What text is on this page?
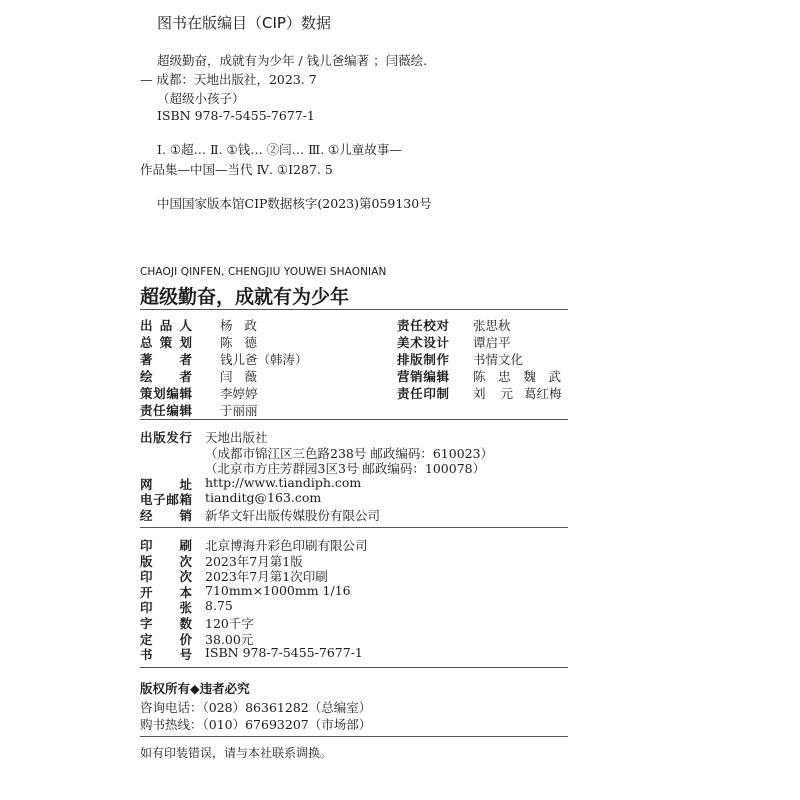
图书在版编目（CIP）数据
超级勤奋，成就有为少年 / 钱儿爸编著 ；闫薇绘.
— 成都：天地出版社，2023. 7
（超级小孩子）
ISBN 978-7-5455-7677-1
Ⅰ. ①超… Ⅱ. ①钱… ②闫… Ⅲ. ①儿童故事—
作品集—中国—当代 Ⅳ. ①I287. 5
中国国家版本馆CIP数据核字(2023)第059130号
CHAOJI QINFEN, CHENGJIU YOUWEI SHAONIAN
超级勤奋，成就有为少年
出 品 人 杨 政
总 策 划 陈 德
著 者 钱儿爸（韩涛）
绘 者 闫 薇
策 划 编 辑 李婷婷
责 任 编 辑 于丽丽
责 任 校 对 张思秋
美 术 设 计 谭启平
排 版 制 作 书情文化
营 销 编 辑 陈 忠 魏 武
责 任 印 制 刘 元 葛红梅
出 版 发 行 天地出版社
（成都市锦江区三色路238号 邮政编码：610023）
（北京市方庄芳群园3区3号 邮政编码：100078）
网 址 http://www.tiandiph.com
电 子 邮 箱 tianditg@163.com
经 销 新华文轩出版传媒股份有限公司
印 刷 北京博海升彩色印刷有限公司
版 次 2023年7月第1版
印 次 2023年7月第1次印刷
开 本 710mm×1000mm 1/16
印 张 8.75
字 数 120千字
定 价 38.00元
书 号 ISBN 978-7-5455-7677-1
版权所有◆违者必究
咨询电话：（028）86361282（总编室）
购书热线：（010）67693207（市场部）
如有印装错误，请与本社联系调换。
